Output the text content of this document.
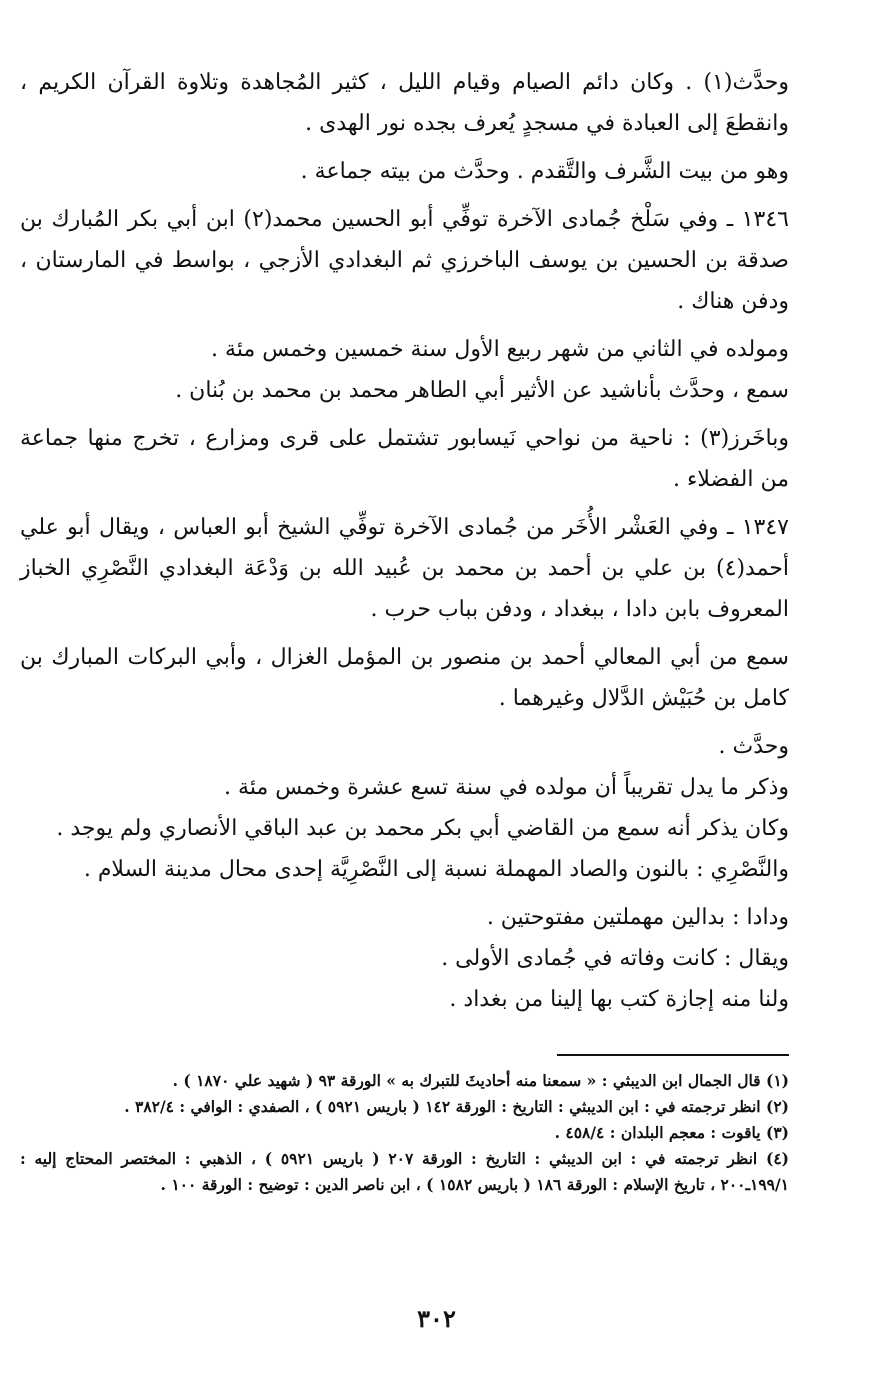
وحدَّث(١) . وكان دائم الصيام وقيام الليل ، كثير المُجاهدة وتلاوة القرآن الكريم ، وانقطعَ إلى العبادة في مسجدٍ يُعرف بجده نور الهدى .

وهو من بيت الشَّرف والتَّقدم . وحدَّث من بيته جماعة .

١٣٤٦ ـ وفي سَلْخ جُمادى الآخرة توفِّي أبو الحسين محمد(٢) ابن أبي بكر المُبارك بن صدقة بن الحسين بن يوسف الباخرزي ثم البغدادي الأزجي ، بواسط في المارستان ، ودفن هناك .

ومولده في الثاني من شهر ربيع الأول سنة خمسين وخمس مئة .

سمع ، وحدَّث بأناشيد عن الأثير أبي الطاهر محمد بن محمد بن بُنان .

وباخَرز(٣) : ناحية من نواحي نَيسابور تشتمل على قرى ومزارع ، تخرج منها جماعة من الفضلاء .

١٣٤٧ ـ وفي العَشْر الأُخَر من جُمادى الآخرة توفِّي الشيخ أبو العباس ، ويقال أبو علي أحمد(٤) بن علي بن أحمد بن محمد بن عُبيد الله بن وَدْعَة البغدادي النَّصْرِي الخباز المعروف بابن دادا ، ببغداد ، ودفن بباب حرب .

سمع من أبي المعالي أحمد بن منصور بن المؤمل الغزال ، وأبي البركات المبارك بن كامل بن حُبَيْش الدَّلال وغيرهما .

وحدَّث .

وذكر ما يدل تقريباً أن مولده في سنة تسع عشرة وخمس مئة .

وكان يذكر أنه سمع من القاضي أبي بكر محمد بن عبد الباقي الأنصاري ولم يوجد .

والنَّصْرِي : بالنون والصاد المهملة نسبة إلى النَّصْرِيَّة إحدى محال مدينة السلام .

ودادا : بدالين مهملتين مفتوحتين .

ويقال : كانت وفاته في جُمادى الأولى .

ولنا منه إجازة كتب بها إلينا من بغداد .

(١) قال الجمال ابن الديبثي : « سمعنا منه أحاديثَ للتبرك به » الورقة ٩٣ ( شهيد علي ١٨٧٠ ) .

(٢) انظر ترجمته في : ابن الديبثي : التاريخ : الورقة ١٤٢ ( باريس ٥٩٢١ ) ، الصفدي : الوافي : ٣٨٢/٤ .

(٣) ياقوت : معجم البلدان : ٤٥٨/٤ .

(٤) انظر ترجمته في : ابن الديبثي : التاريخ : الورقة ٢٠٧ ( باريس ٥٩٢١ ) ، الذهبي : المختصر المحتاج إليه : ١٩٩/١ـ٢٠٠ ، تاريخ الإسلام : الورقة ١٨٦ ( باريس ١٥٨٢ ) ، ابن ناصر الدين : توضيح : الورقة ١٠٠ .

٣٠٢
